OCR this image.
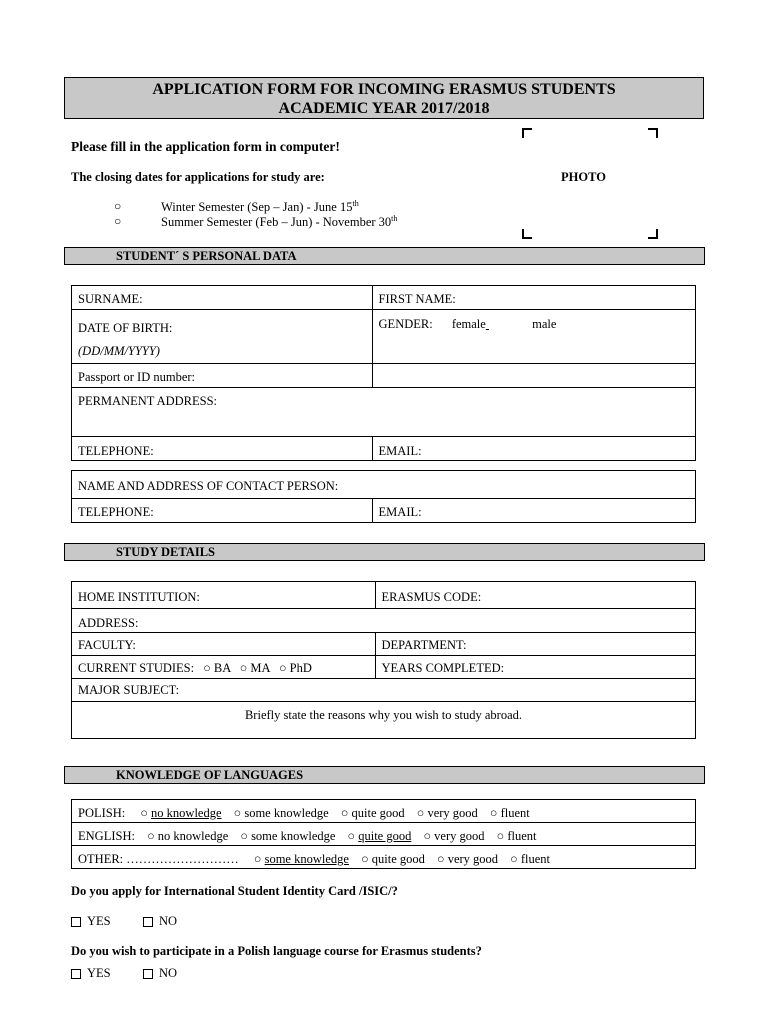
APPLICATION FORM FOR INCOMING ERASMUS STUDENTS
ACADEMIC YEAR 2017/2018
PHOTO
Please fill in the application form in computer!
The closing dates for applications for study are:
○	Winter Semester (Sep – Jan) - June 15th
○	Summer Semester (Feb – Jun) - November 30th
STUDENT´ S PERSONAL DATA
SURNAME:	FIRST NAME:

DATE OF BIRTH:
(DD/MM/YYYY)	GENDER: female male
Passport or ID number:	
PERMANENT ADDRESS:	
TELEPHONE:	EMAIL:
NAME AND ADDRESS OF CONTACT PERSON:
TELEPHONE:	EMAIL:
STUDY DETAILS
HOME INSTITUTION:	ERASMUS CODE:
ADDRESS:	
FACULTY:	DEPARTMENT:
CURRENT STUDIES: ○ BA ○ MA ○ PhD	YEARS COMPLETED:
MAJOR SUBJECT:	
Briefly state the reasons why you wish to study abroad.	
KNOWLEDGE OF LANGUAGES
POLISH: ○ no knowledge ○ some knowledge ○ quite good ○ very good ○ fluent
ENGLISH: ○ no knowledge ○ some knowledge ○ quite good ○ very good ○ fluent
OTHER: ……………………… ○ some knowledge ○ quite good ○ very good ○ fluent
Do you apply for International Student Identity Card /ISIC/?
YES	NO
Do you wish to participate in a Polish language course for Erasmus students?
YES	NO
